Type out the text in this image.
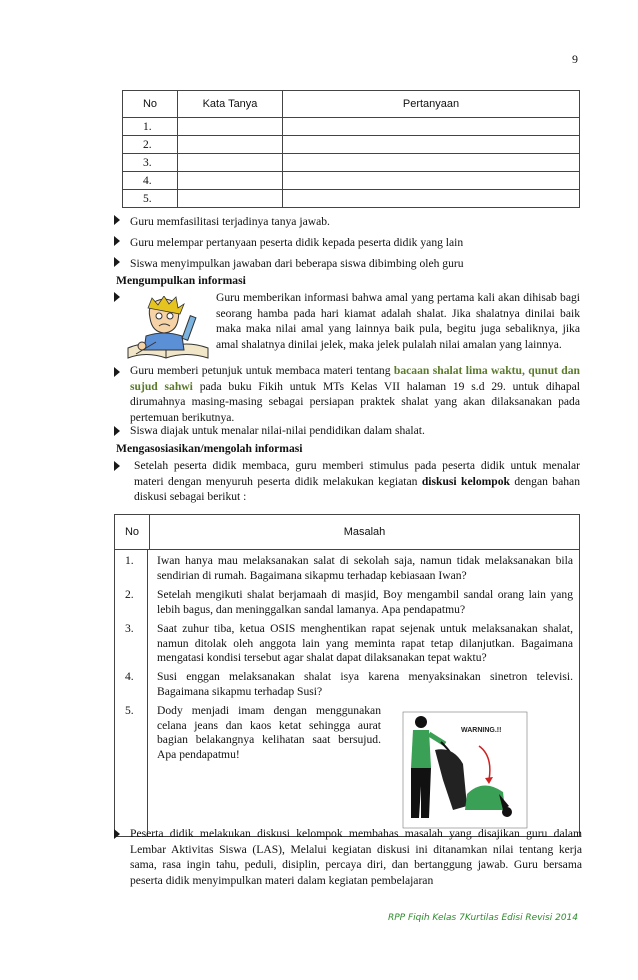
9
No	Kata Tanya	Pertanyaan
1.		
2.		
3.		
4.		
5.		
Guru memfasilitasi terjadinya tanya jawab.
Guru melempar pertanyaan peserta didik kepada peserta didik yang lain
Siswa menyimpulkan jawaban dari beberapa siswa dibimbing oleh guru
Mengumpulkan informasi
Guru memberikan informasi bahwa amal yang pertama kali akan dihisab bagi seorang hamba pada hari kiamat adalah shalat. Jika shalatnya dinilai baik maka maka nilai amal yang lainnya baik pula, begitu juga sebaliknya, jika amal shalatnya dinilai jelek, maka jelek pulalah nilai amalan yang lainnya.
Guru memberi petunjuk untuk membaca materi tentang bacaan shalat lima waktu, qunut dan sujud sahwi pada buku Fikih untuk MTs Kelas VII halaman 19 s.d 29. untuk dihapal dirumahnya masing-masing sebagai persiapan praktek shalat yang akan dilaksanakan pada pertemuan berikutnya.
Siswa diajak untuk menalar nilai-nilai pendidikan dalam shalat.
Mengasosiasikan/mengolah informasi
Setelah peserta didik membaca, guru memberi stimulus pada peserta didik untuk menalar materi dengan menyuruh peserta didik melakukan kegiatan diskusi kelompok dengan bahan diskusi sebagai berikut :
No	Masalah

1. Iwan hanya mau melaksanakan salat di sekolah saja, namun tidak melaksanakan bila sendirian di rumah. Bagaimana sikapmu terhadap kebiasaan Iwan?
2. Setelah mengikuti shalat berjamaah di masjid, Boy mengambil sandal orang lain yang lebih bagus, dan meninggalkan sandal lamanya. Apa pendapatmu?
3. Saat zuhur tiba, ketua OSIS menghentikan rapat sejenak untuk melaksanakan shalat, namun ditolak oleh anggota lain yang meminta rapat tetap dilanjutkan. Bagaimana mengatasi kondisi tersebut agar shalat dapat dilaksanakan tepat waktu?
4. Susi enggan melaksanakan shalat isya karena menyaksinakan sinetron televisi. Bagaimana sikapmu terhadap Susi?
5. Dody menjadi imam dengan menggunakan celana jeans dan kaos ketat sehingga aurat bagian belakangnya kelihatan saat bersujud. Apa pendapatmu!
WARNING.!!
Peserta didik melakukan diskusi kelompok membahas masalah yang disajikan guru dalam Lembar Aktivitas Siswa (LAS), Melalui kegiatan diskusi ini ditanamkan nilai tentang kerja sama, rasa ingin tahu, peduli, disiplin, percaya diri, dan bertanggung jawab. Guru bersama peserta didik menyimpulkan materi dalam kegiatan pembelajaran
RPP Fiqih Kelas 7Kurtilas Edisi Revisi 2014
